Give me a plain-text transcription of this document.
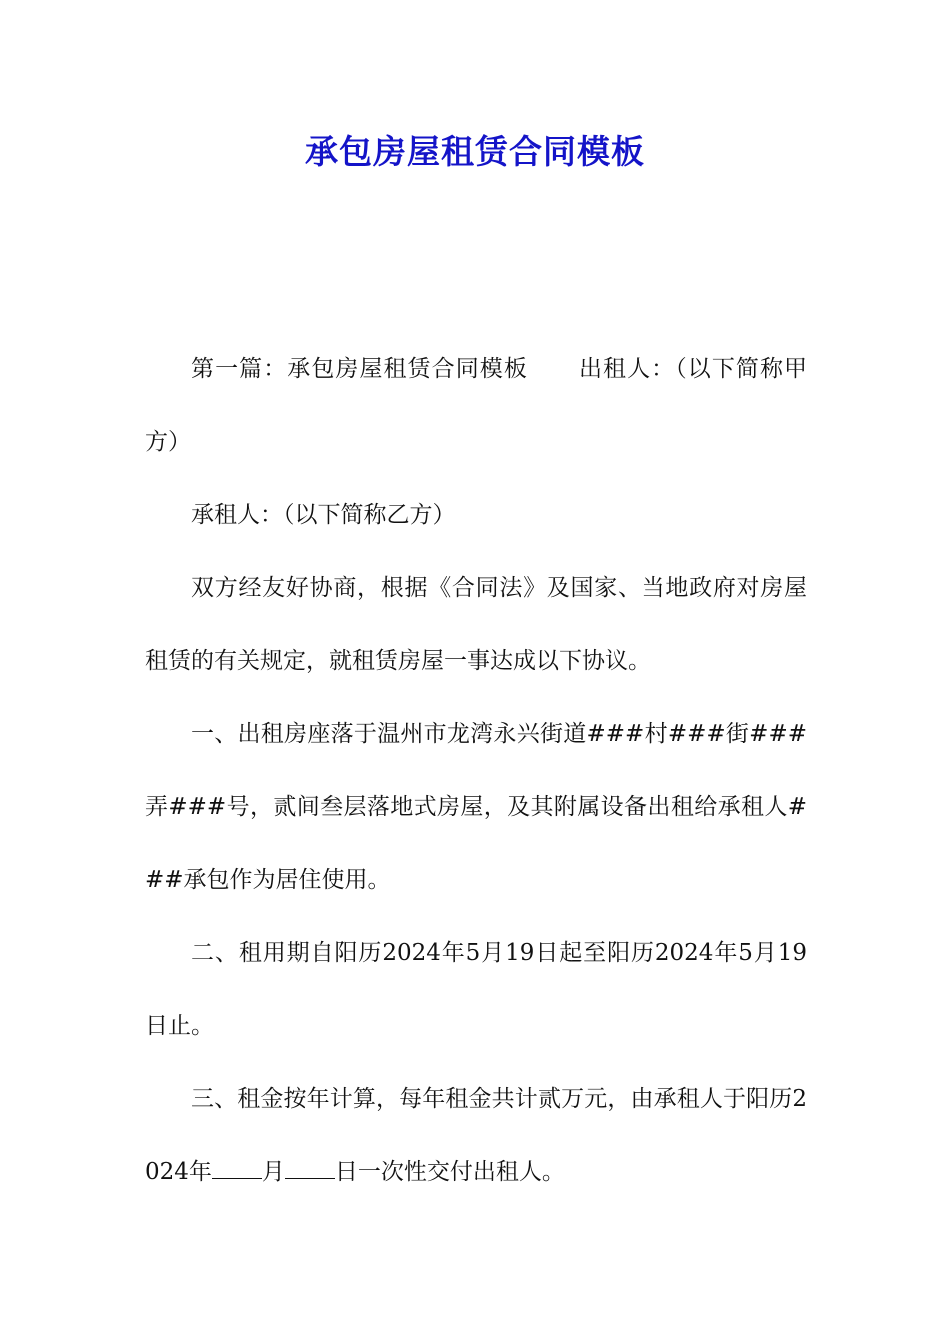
承包房屋租赁合同模板

第一篇：承包房屋租赁合同模板 出租人：（以下简称甲方）

承租人：（以下简称乙方）

双方经友好协商，根据《合同法》及国家、当地政府对房屋租赁的有关规定，就租赁房屋一事达成以下协议。

一、出租房座落于温州市龙湾永兴街道###村###街###弄###号，贰间叁层落地式房屋，及其附属设备出租给承租人###承包作为居住使用。

二、租用期自阳历2024年5月19日起至阳历2024年5月19日止。

三、租金按年计算，每年租金共计贰万元，由承租人于阳历2024年 月 日一次性交付出租人。
